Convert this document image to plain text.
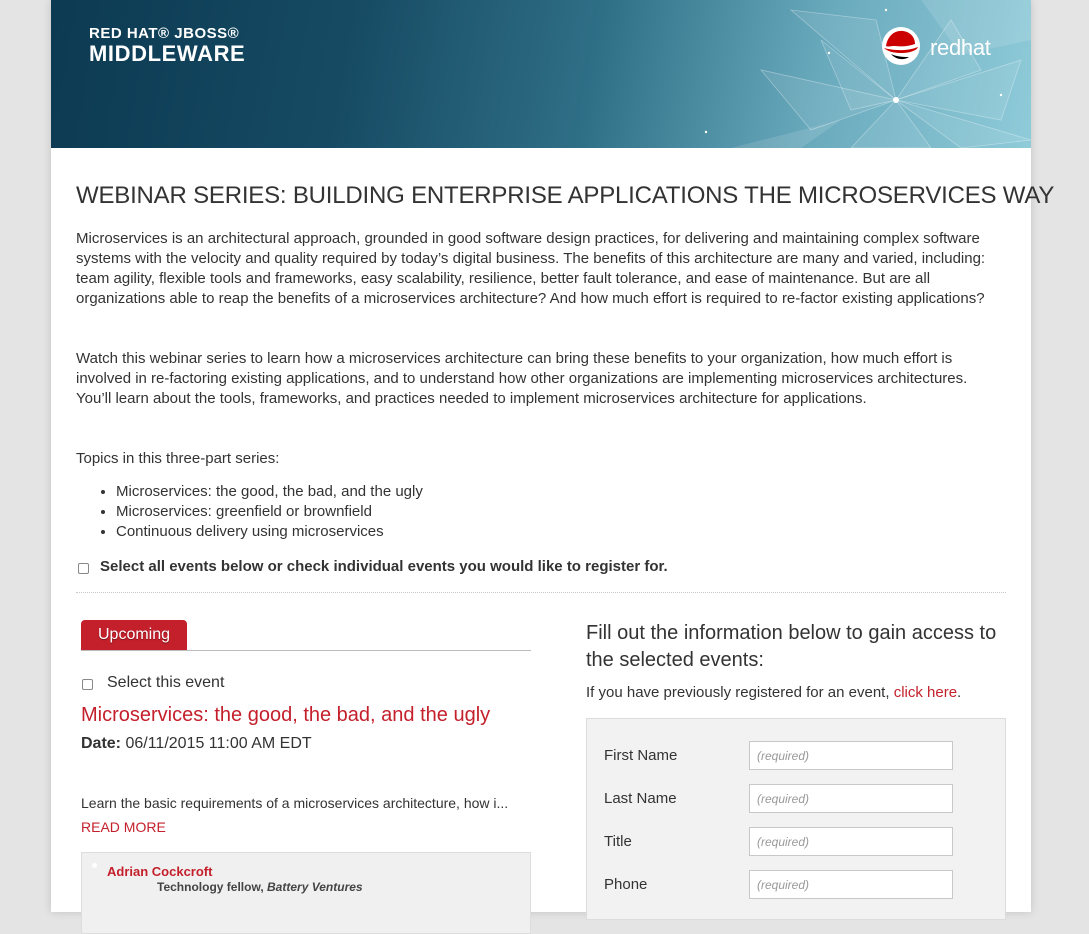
RED HAT® JBOSS®
MIDDLEWARE	redhat
WEBINAR SERIES: BUILDING ENTERPRISE APPLICATIONS THE MICROSERVICES WAY

Microservices is an architectural approach, grounded in good software design practices, for delivering and maintaining complex software systems with the velocity and quality required by today’s digital business. The benefits of this architecture are many and varied, including: team agility, flexible tools and frameworks, easy scalability, resilience, better fault tolerance, and ease of maintenance. But are all organizations able to reap the benefits of a microservices architecture? And how much effort is required to re-factor existing applications?

Watch this webinar series to learn how a microservices architecture can bring these benefits to your organization, how much effort is involved in re-factoring existing applications, and to understand how other organizations are implementing microservices architectures. You’ll learn about the tools, frameworks, and practices needed to implement microservices architecture for applications.

Topics in this three-part series:

• Microservices: the good, the bad, and the ugly
• Microservices: greenfield or brownfield
• Continuous delivery using microservices
Select all events below or check individual events you would like to register for.
Upcoming
Select this event
Microservices: the good, the bad, and the ugly
Date: 06/11/2015 11:00 AM EDT
Learn the basic requirements of a microservices architecture, how i...
READ MORE
Adrian Cockcroft
Technology fellow, Battery Ventures
Fill out the information below to gain access to the selected events:
If you have previously registered for an event, click here.
First Name
(required)
Last Name
(required)
Title
(required)
Phone
(required)
